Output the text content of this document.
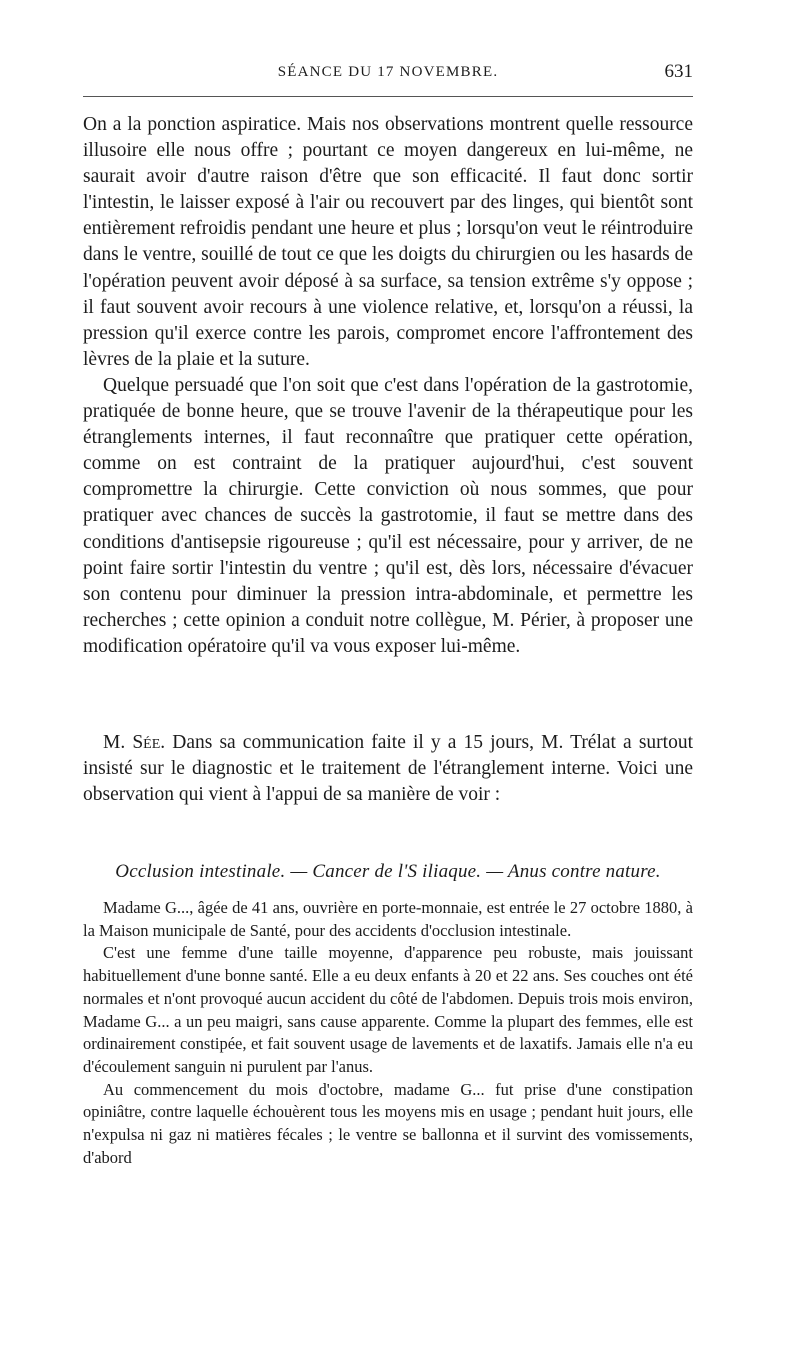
SÉANCE DU 17 NOVEMBRE.	631

On a la ponction aspiratice. Mais nos observations montrent quelle ressource illusoire elle nous offre ; pourtant ce moyen dangereux en lui-même, ne saurait avoir d'autre raison d'être que son efficacité. Il faut donc sortir l'intestin, le laisser exposé à l'air ou recouvert par des linges, qui bientôt sont entièrement refroidis pendant une heure et plus ; lorsqu'on veut le réintroduire dans le ventre, souillé de tout ce que les doigts du chirurgien ou les hasards de l'opération peuvent avoir déposé à sa surface, sa tension extrême s'y oppose ; il faut souvent avoir recours à une violence relative, et, lorsqu'on a réussi, la pression qu'il exerce contre les parois, compromet encore l'affrontement des lèvres de la plaie et la suture.

Quelque persuadé que l'on soit que c'est dans l'opération de la gastrotomie, pratiquée de bonne heure, que se trouve l'avenir de la thérapeutique pour les étranglements internes, il faut reconnaître que pratiquer cette opération, comme on est contraint de la pratiquer aujourd'hui, c'est souvent compromettre la chirurgie. Cette conviction où nous sommes, que pour pratiquer avec chances de succès la gastrotomie, il faut se mettre dans des conditions d'antisepsie rigoureuse ; qu'il est nécessaire, pour y arriver, de ne point faire sortir l'intestin du ventre ; qu'il est, dès lors, nécessaire d'évacuer son contenu pour diminuer la pression intra-abdominale, et permettre les recherches ; cette opinion a conduit notre collègue, M. Périer, à proposer une modification opératoire qu'il va vous exposer lui-même.

M. Sée. Dans sa communication faite il y a 15 jours, M. Trélat a surtout insisté sur le diagnostic et le traitement de l'étranglement interne. Voici une observation qui vient à l'appui de sa manière de voir :

Occlusion intestinale. — Cancer de l'S iliaque. — Anus contre nature.

Madame G..., âgée de 41 ans, ouvrière en porte-monnaie, est entrée le 27 octobre 1880, à la Maison municipale de Santé, pour des accidents d'occlusion intestinale.

C'est une femme d'une taille moyenne, d'apparence peu robuste, mais jouissant habituellement d'une bonne santé. Elle a eu deux enfants à 20 et 22 ans. Ses couches ont été normales et n'ont provoqué aucun accident du côté de l'abdomen. Depuis trois mois environ, Madame G... a un peu maigri, sans cause apparente. Comme la plupart des femmes, elle est ordinairement constipée, et fait souvent usage de lavements et de laxatifs. Jamais elle n'a eu d'écoulement sanguin ni purulent par l'anus.

Au commencement du mois d'octobre, madame G... fut prise d'une constipation opiniâtre, contre laquelle échouèrent tous les moyens mis en usage ; pendant huit jours, elle n'expulsa ni gaz ni matières fécales ; le ventre se ballonna et il survint des vomissements, d'abord
